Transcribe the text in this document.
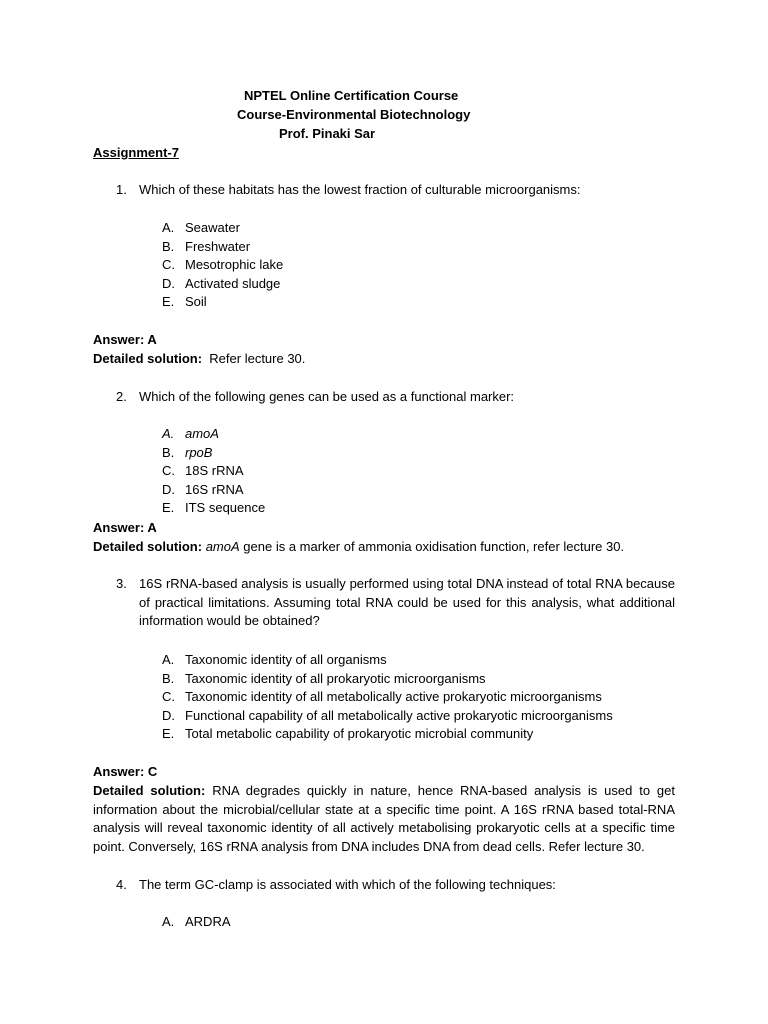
NPTEL Online Certification Course
Course-Environmental Biotechnology
Prof. Pinaki Sar
Assignment-7
1. Which of these habitats has the lowest fraction of culturable microorganisms:
A. Seawater
B. Freshwater
C. Mesotrophic lake
D. Activated sludge
E. Soil
Answer: A
Detailed solution: Refer lecture 30.
2. Which of the following genes can be used as a functional marker:
A. amoA
B. rpoB
C. 18S rRNA
D. 16S rRNA
E. ITS sequence
Answer: A
Detailed solution: amoA gene is a marker of ammonia oxidisation function, refer lecture 30.
3. 16S rRNA-based analysis is usually performed using total DNA instead of total RNA because of practical limitations. Assuming total RNA could be used for this analysis, what additional information would be obtained?
A. Taxonomic identity of all organisms
B. Taxonomic identity of all prokaryotic microorganisms
C. Taxonomic identity of all metabolically active prokaryotic microorganisms
D. Functional capability of all metabolically active prokaryotic microorganisms
E. Total metabolic capability of prokaryotic microbial community
Answer: C
Detailed solution: RNA degrades quickly in nature, hence RNA-based analysis is used to get information about the microbial/cellular state at a specific time point. A 16S rRNA based total-RNA analysis will reveal taxonomic identity of all actively metabolising prokaryotic cells at a specific time point. Conversely, 16S rRNA analysis from DNA includes DNA from dead cells. Refer lecture 30.
4. The term GC-clamp is associated with which of the following techniques:
A. ARDRA
